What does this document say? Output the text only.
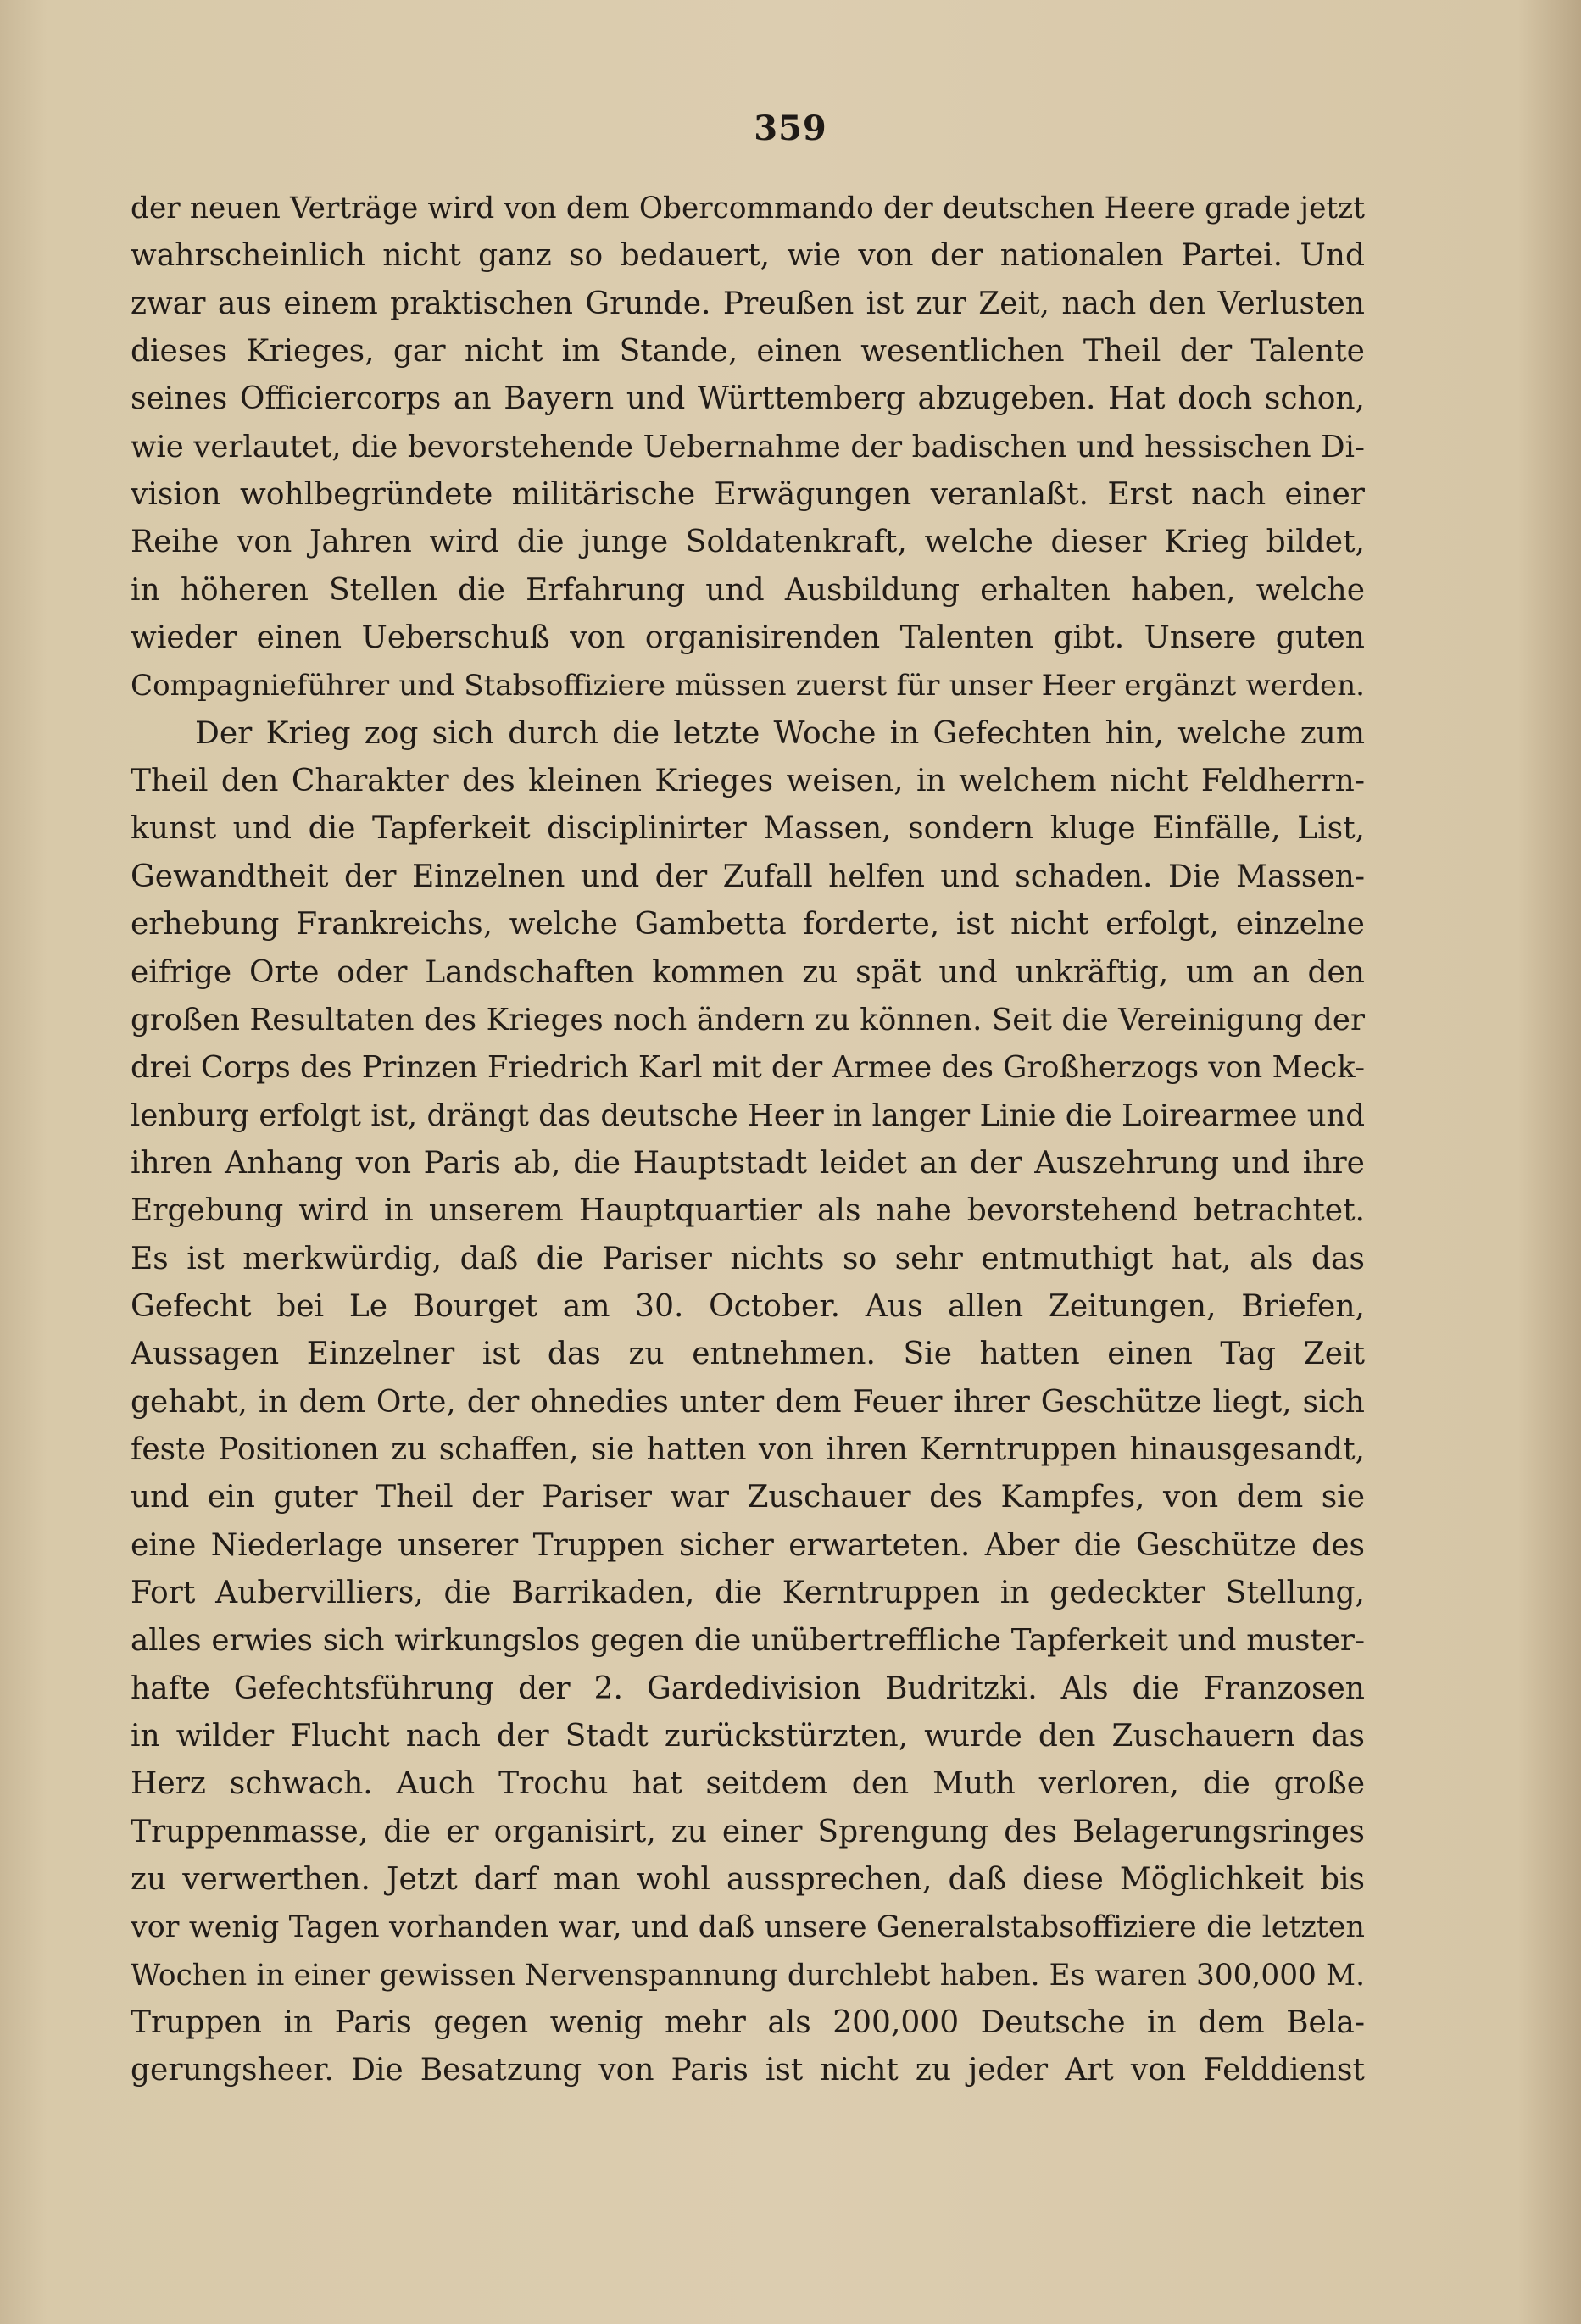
359
der neuen Verträge wird von dem Obercommando der deutschen Heere grade jetzt
wahrscheinlich nicht ganz so bedauert, wie von der nationalen Partei. Und
zwar aus einem praktischen Grunde. Preußen ist zur Zeit, nach den Verlusten
dieses Krieges, gar nicht im Stande, einen wesentlichen Theil der Talente
seines Officiercorps an Bayern und Württemberg abzugeben. Hat doch schon,
wie verlautet, die bevorstehende Uebernahme der badischen und hessischen Di-
vision wohlbegründete militärische Erwägungen veranlaßt. Erst nach einer
Reihe von Jahren wird die junge Soldatenkraft, welche dieser Krieg bildet,
in höheren Stellen die Erfahrung und Ausbildung erhalten haben, welche
wieder einen Ueberschuß von organisirenden Talenten gibt. Unsere guten
Compagnieführer und Stabsoffiziere müssen zuerst für unser Heer ergänzt werden.
Der Krieg zog sich durch die letzte Woche in Gefechten hin, welche zum
Theil den Charakter des kleinen Krieges weisen, in welchem nicht Feldherrn-
kunst und die Tapferkeit disciplinirter Massen, sondern kluge Einfälle, List,
Gewandtheit der Einzelnen und der Zufall helfen und schaden. Die Massen-
erhebung Frankreichs, welche Gambetta forderte, ist nicht erfolgt, einzelne
eifrige Orte oder Landschaften kommen zu spät und unkräftig, um an den
großen Resultaten des Krieges noch ändern zu können. Seit die Vereinigung der
drei Corps des Prinzen Friedrich Karl mit der Armee des Großherzogs von Meck-
lenburg erfolgt ist, drängt das deutsche Heer in langer Linie die Loirearmee und
ihren Anhang von Paris ab, die Hauptstadt leidet an der Auszehrung und ihre
Ergebung wird in unserem Hauptquartier als nahe bevorstehend betrachtet.
Es ist merkwürdig, daß die Pariser nichts so sehr entmuthigt hat, als das
Gefecht bei Le Bourget am 30. October. Aus allen Zeitungen, Briefen,
Aussagen Einzelner ist das zu entnehmen. Sie hatten einen Tag Zeit
gehabt, in dem Orte, der ohnedies unter dem Feuer ihrer Geschütze liegt, sich
feste Positionen zu schaffen, sie hatten von ihren Kerntruppen hinausgesandt,
und ein guter Theil der Pariser war Zuschauer des Kampfes, von dem sie
eine Niederlage unserer Truppen sicher erwarteten. Aber die Geschütze des
Fort Aubervilliers, die Barrikaden, die Kerntruppen in gedeckter Stellung,
alles erwies sich wirkungslos gegen die unübertreffliche Tapferkeit und muster-
hafte Gefechtsführung der 2. Gardedivision Budritzki. Als die Franzosen
in wilder Flucht nach der Stadt zurückstürzten, wurde den Zuschauern das
Herz schwach. Auch Trochu hat seitdem den Muth verloren, die große
Truppenmasse, die er organisirt, zu einer Sprengung des Belagerungsringes
zu verwerthen. Jetzt darf man wohl aussprechen, daß diese Möglichkeit bis
vor wenig Tagen vorhanden war, und daß unsere Generalstabsoffiziere die letzten
Wochen in einer gewissen Nervenspannung durchlebt haben. Es waren 300,000 M.
Truppen in Paris gegen wenig mehr als 200,000 Deutsche in dem Bela-
gerungsheer. Die Besatzung von Paris ist nicht zu jeder Art von Felddienst
